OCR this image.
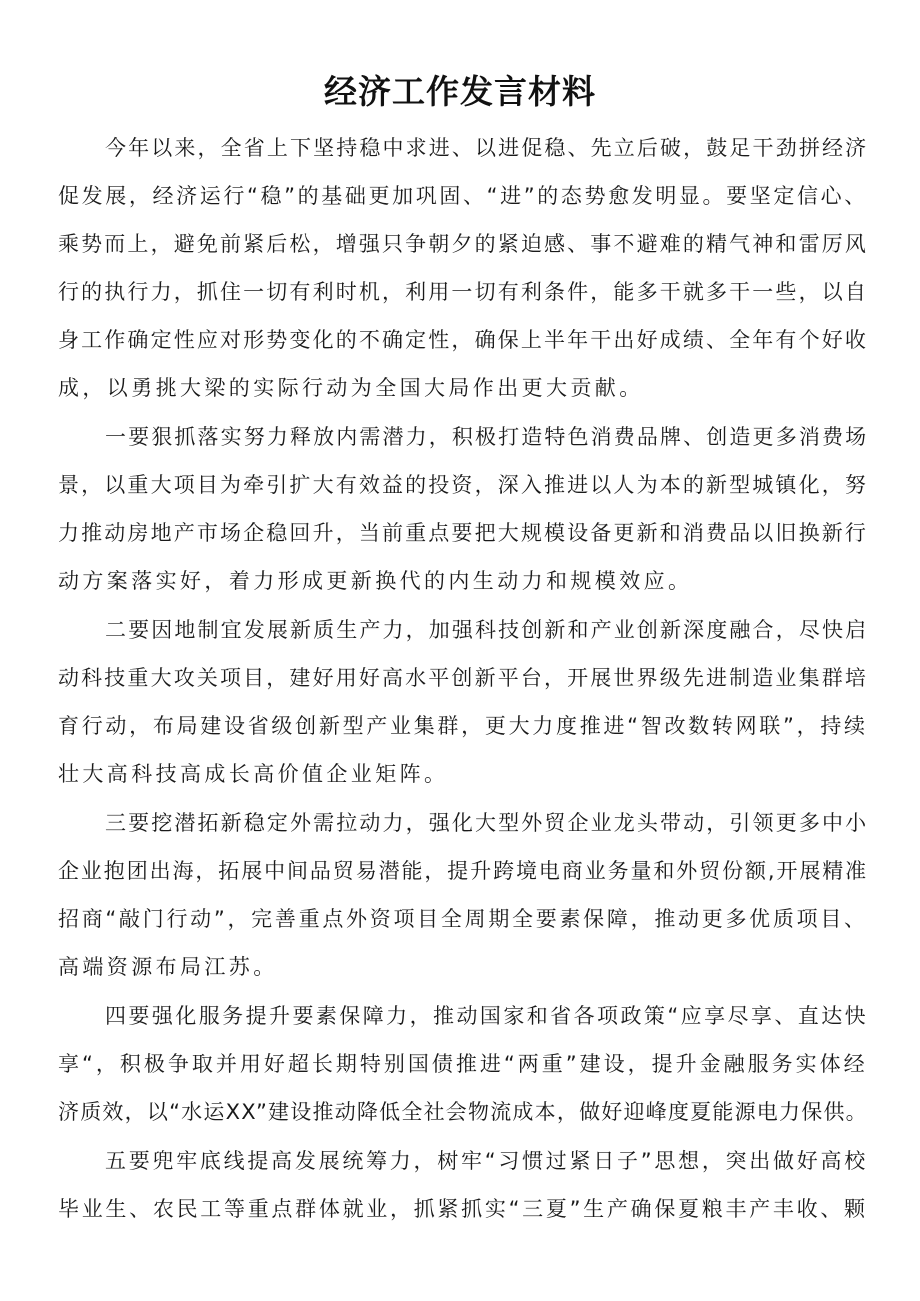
经济工作发言材料
今年以来，全省上下坚持稳中求进、以进促稳、先立后破，鼓足干劲拼经济
促发展，经济运行“稳”的基础更加巩固、“进”的态势愈发明显。要坚定信心、
乘势而上，避免前紧后松，增强只争朝夕的紧迫感、事不避难的精气神和雷厉风
行的执行力，抓住一切有利时机，利用一切有利条件，能多干就多干一些，以自
身工作确定性应对形势变化的不确定性，确保上半年干出好成绩、全年有个好收
成，以勇挑大梁的实际行动为全国大局作出更大贡献。
一要狠抓落实努力释放内需潜力，积极打造特色消费品牌、创造更多消费场
景，以重大项目为牵引扩大有效益的投资，深入推进以人为本的新型城镇化，努
力推动房地产市场企稳回升，当前重点要把大规模设备更新和消费品以旧换新行
动方案落实好，着力形成更新换代的内生动力和规模效应。
二要因地制宜发展新质生产力，加强科技创新和产业创新深度融合，尽快启
动科技重大攻关项目，建好用好高水平创新平台，开展世界级先进制造业集群培
育行动，布局建设省级创新型产业集群，更大力度推进“智改数转网联”，持续
壮大高科技高成长高价值企业矩阵。
三要挖潜拓新稳定外需拉动力，强化大型外贸企业龙头带动，引领更多中小
企业抱团出海，拓展中间品贸易潜能，提升跨境电商业务量和外贸份额,开展精准
招商“敲门行动”，完善重点外资项目全周期全要素保障，推动更多优质项目、
高端资源布局江苏。
四要强化服务提升要素保障力，推动国家和省各项政策“应享尽享、直达快
享“，积极争取并用好超长期特别国债推进“两重”建设，提升金融服务实体经
济质效，以“水运XX”建设推动降低全社会物流成本，做好迎峰度夏能源电力保供。
五要兜牢底线提高发展统筹力，树牢“习惯过紧日子”思想，突出做好高校
毕业生、农民工等重点群体就业，抓紧抓实“三夏”生产确保夏粮丰产丰收、颗
